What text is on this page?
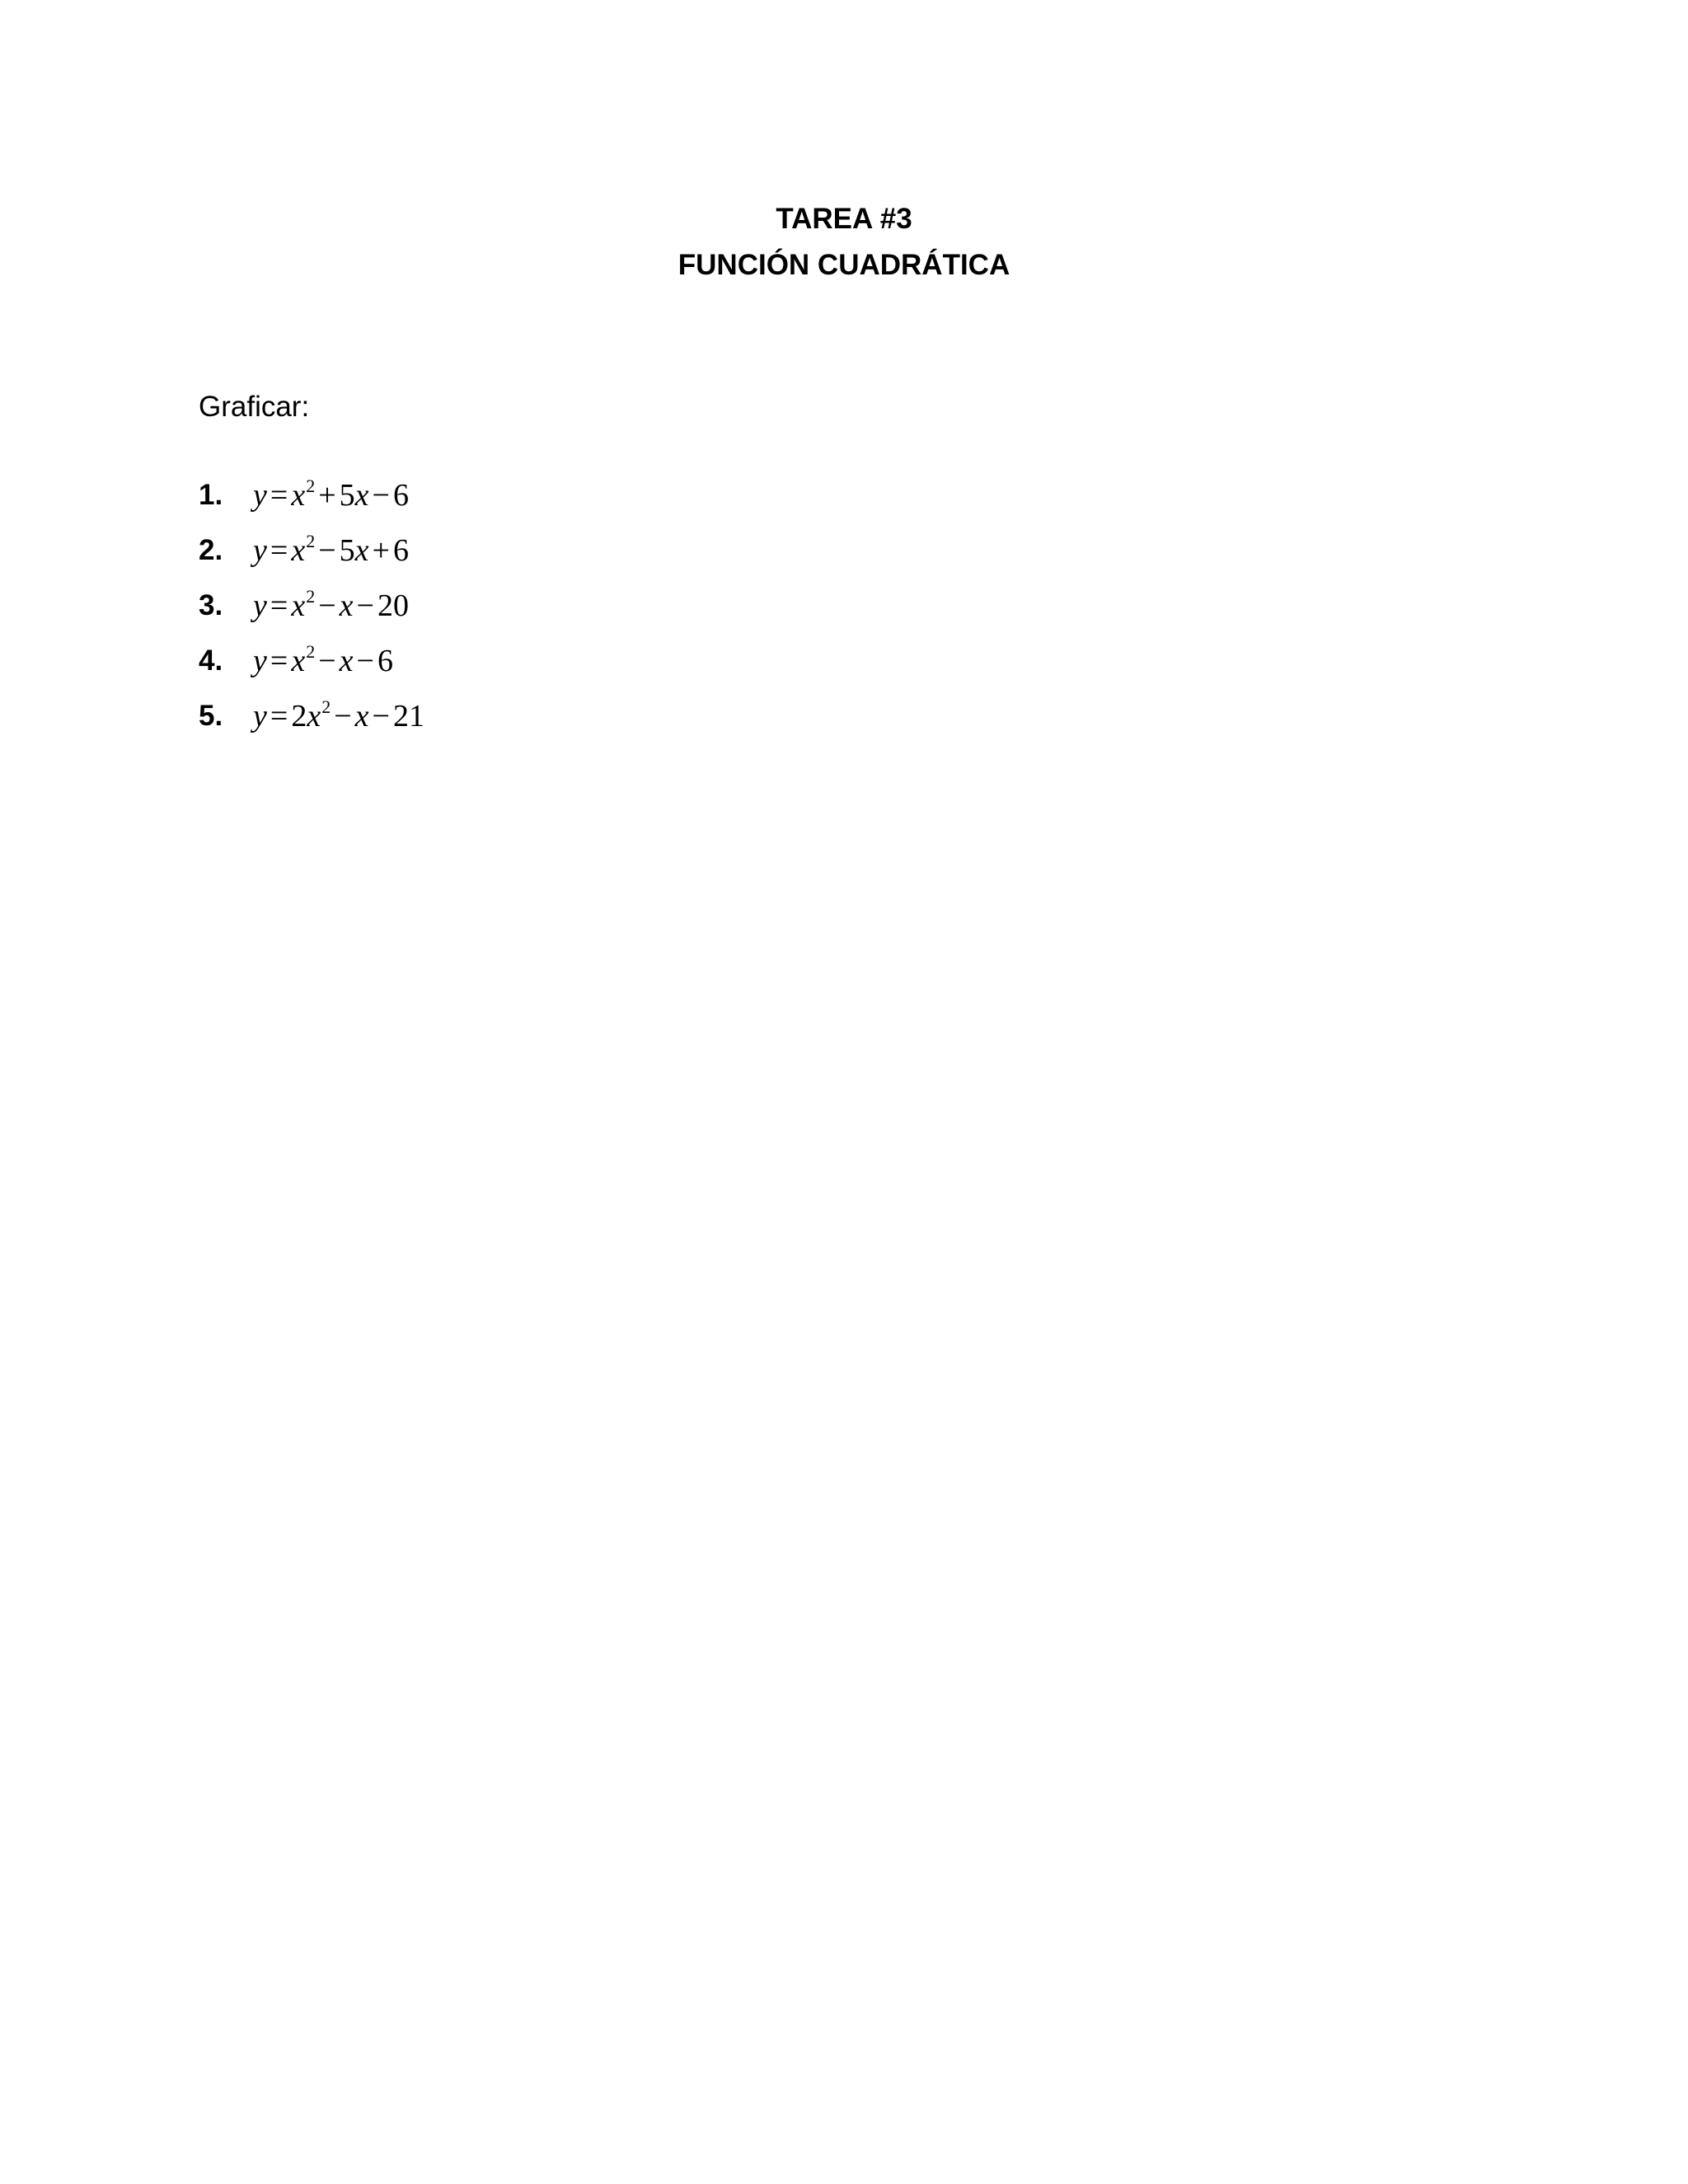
TAREA #3
FUNCIÓN CUADRÁTICA

Graficar:

1. y = x 2 + 5 x − 6
2. y = x 2 − 5 x + 6
3. y = x 2 − x − 20
4. y = x 2 − x − 6
5. y = 2 x 2 − x − 21
